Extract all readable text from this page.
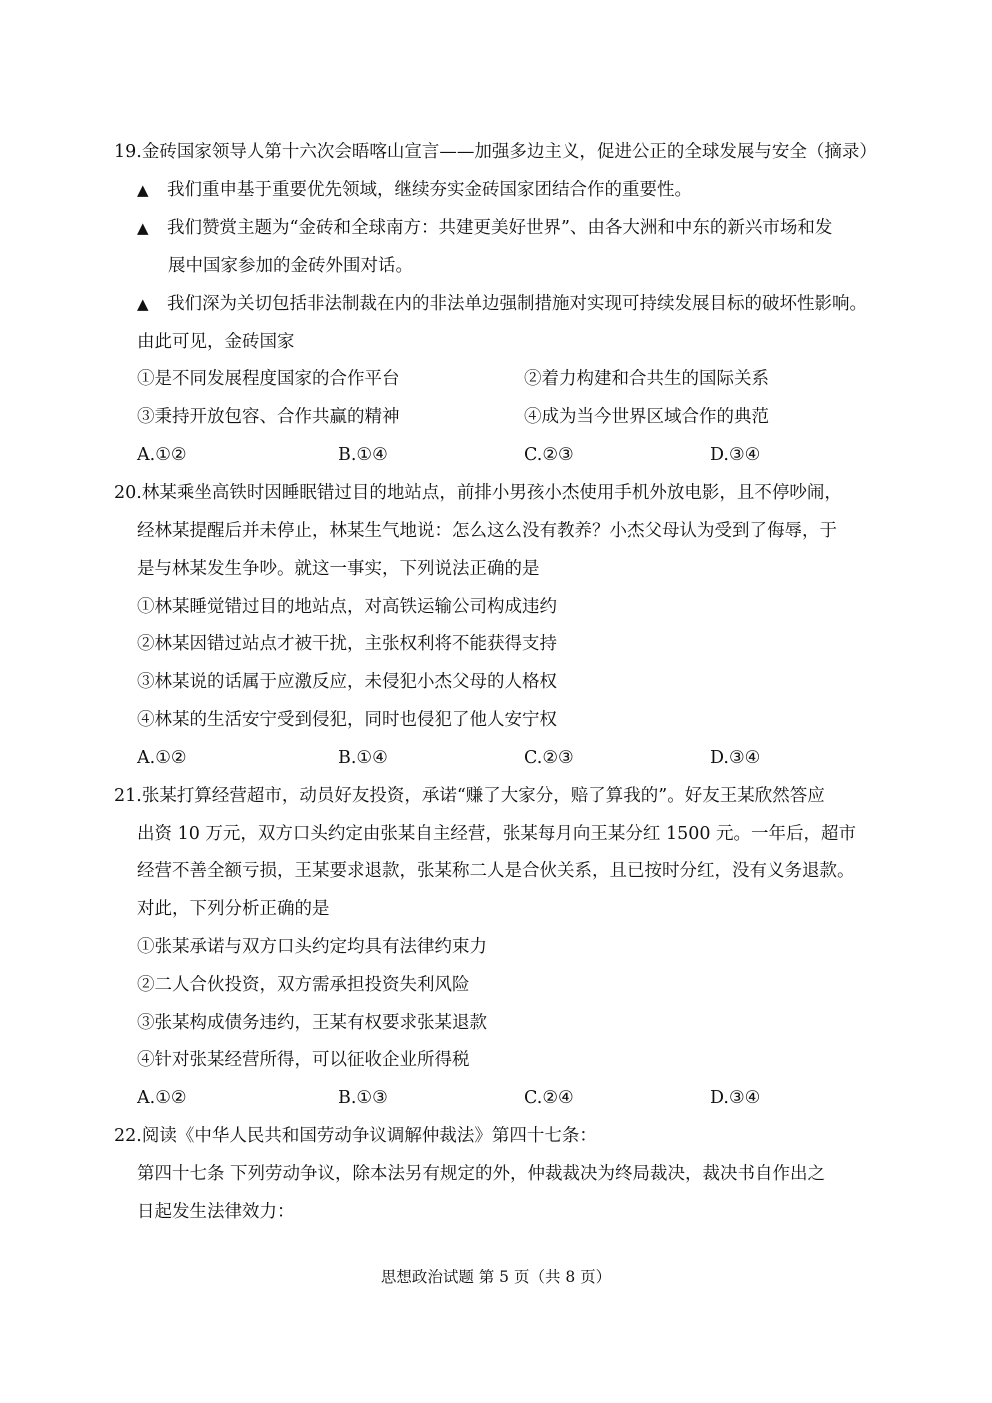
19.金砖国家领导人第十六次会晤喀山宣言——加强多边主义，促进公正的全球发展与安全（摘录）
▲ 我们重申基于重要优先领域，继续夯实金砖国家团结合作的重要性。
▲ 我们赞赏主题为“金砖和全球南方：共建更美好世界”、由各大洲和中东的新兴市场和发
展中国家参加的金砖外围对话。
▲ 我们深为关切包括非法制裁在内的非法单边强制措施对实现可持续发展目标的破坏性影响。
由此可见，金砖国家
①是不同发展程度国家的合作平台	②着力构建和合共生的国际关系
③秉持开放包容、合作共赢的精神	④成为当今世界区域合作的典范
A.①②	B.①④	C.②③	D.③④
20.林某乘坐高铁时因睡眠错过目的地站点，前排小男孩小杰使用手机外放电影，且不停吵闹，
经林某提醒后并未停止，林某生气地说：怎么这么没有教养？小杰父母认为受到了侮辱，于
是与林某发生争吵。就这一事实，下列说法正确的是
①林某睡觉错过目的地站点，对高铁运输公司构成违约
②林某因错过站点才被干扰，主张权利将不能获得支持
③林某说的话属于应激反应，未侵犯小杰父母的人格权
④林某的生活安宁受到侵犯，同时也侵犯了他人安宁权
A.①②	B.①④	C.②③	D.③④
21.张某打算经营超市，动员好友投资，承诺“赚了大家分，赔了算我的”。好友王某欣然答应
出资 10 万元，双方口头约定由张某自主经营，张某每月向王某分红 1500 元。一年后，超市
经营不善全额亏损，王某要求退款，张某称二人是合伙关系，且已按时分红，没有义务退款。
对此，下列分析正确的是
①张某承诺与双方口头约定均具有法律约束力
②二人合伙投资，双方需承担投资失利风险
③张某构成债务违约，王某有权要求张某退款
④针对张某经营所得，可以征收企业所得税
A.①②	B.①③	C.②④	D.③④
22.阅读《中华人民共和国劳动争议调解仲裁法》第四十七条：
第四十七条 下列劳动争议，除本法另有规定的外，仲裁裁决为终局裁决，裁决书自作出之
日起发生法律效力：
思想政治试题 第 5 页（共 8 页）
